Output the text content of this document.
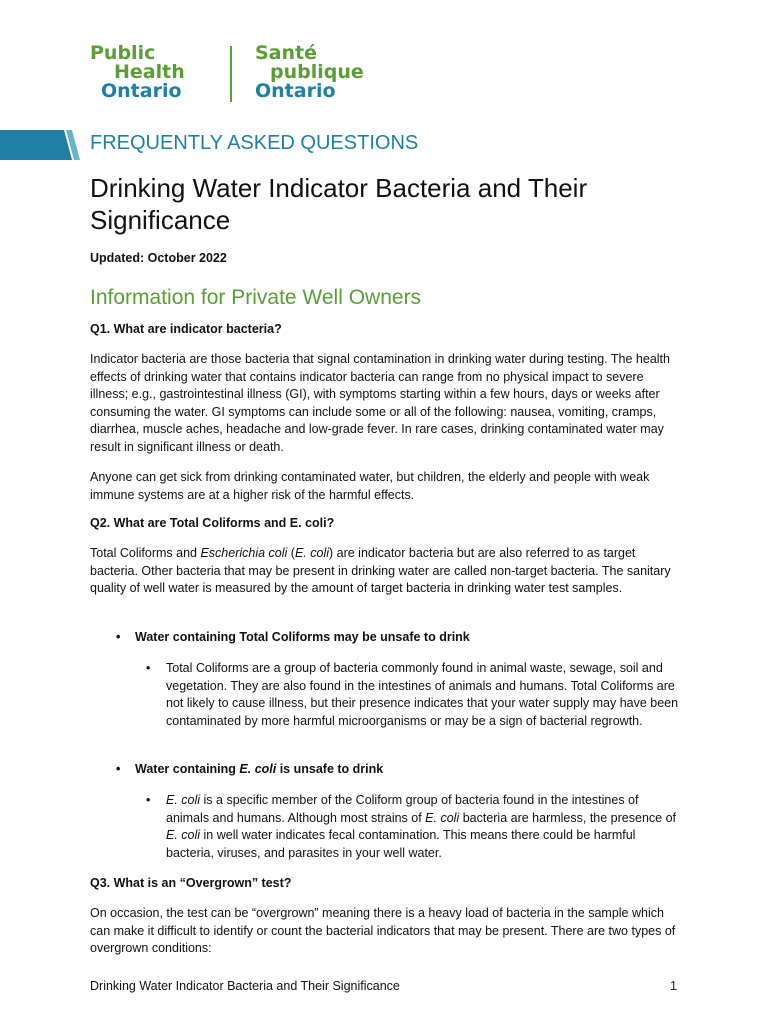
Public
Health
Ontario
Santé
publique
Ontario
FREQUENTLY ASKED QUESTIONS
Drinking Water Indicator Bacteria and Their Significance
Updated: October 2022
Information for Private Well Owners
Q1. What are indicator bacteria?
Indicator bacteria are those bacteria that signal contamination in drinking water during testing. The health effects of drinking water that contains indicator bacteria can range from no physical impact to severe illness; e.g., gastrointestinal illness (GI), with symptoms starting within a few hours, days or weeks after consuming the water. GI symptoms can include some or all of the following: nausea, vomiting, cramps, diarrhea, muscle aches, headache and low-grade fever. In rare cases, drinking contaminated water may result in significant illness or death.
Anyone can get sick from drinking contaminated water, but children, the elderly and people with weak immune systems are at a higher risk of the harmful effects.
Q2. What are Total Coliforms and E. coli?
Total Coliforms and Escherichia coli (E. coli) are indicator bacteria but are also referred to as target bacteria. Other bacteria that may be present in drinking water are called non-target bacteria. The sanitary quality of well water is measured by the amount of target bacteria in drinking water test samples.
• Water containing Total Coliforms may be unsafe to drink
• Total Coliforms are a group of bacteria commonly found in animal waste, sewage, soil and vegetation. They are also found in the intestines of animals and humans. Total Coliforms are not likely to cause illness, but their presence indicates that your water supply may have been contaminated by more harmful microorganisms or may be a sign of bacterial regrowth.
• Water containing E. coli is unsafe to drink
• E. coli is a specific member of the Coliform group of bacteria found in the intestines of animals and humans. Although most strains of E. coli bacteria are harmless, the presence of E. coli in well water indicates fecal contamination. This means there could be harmful bacteria, viruses, and parasites in your well water.
Q3. What is an “Overgrown” test?
On occasion, the test can be “overgrown” meaning there is a heavy load of bacteria in the sample which can make it difficult to identify or count the bacterial indicators that may be present. There are two types of overgrown conditions:
Drinking Water Indicator Bacteria and Their Significance	1
